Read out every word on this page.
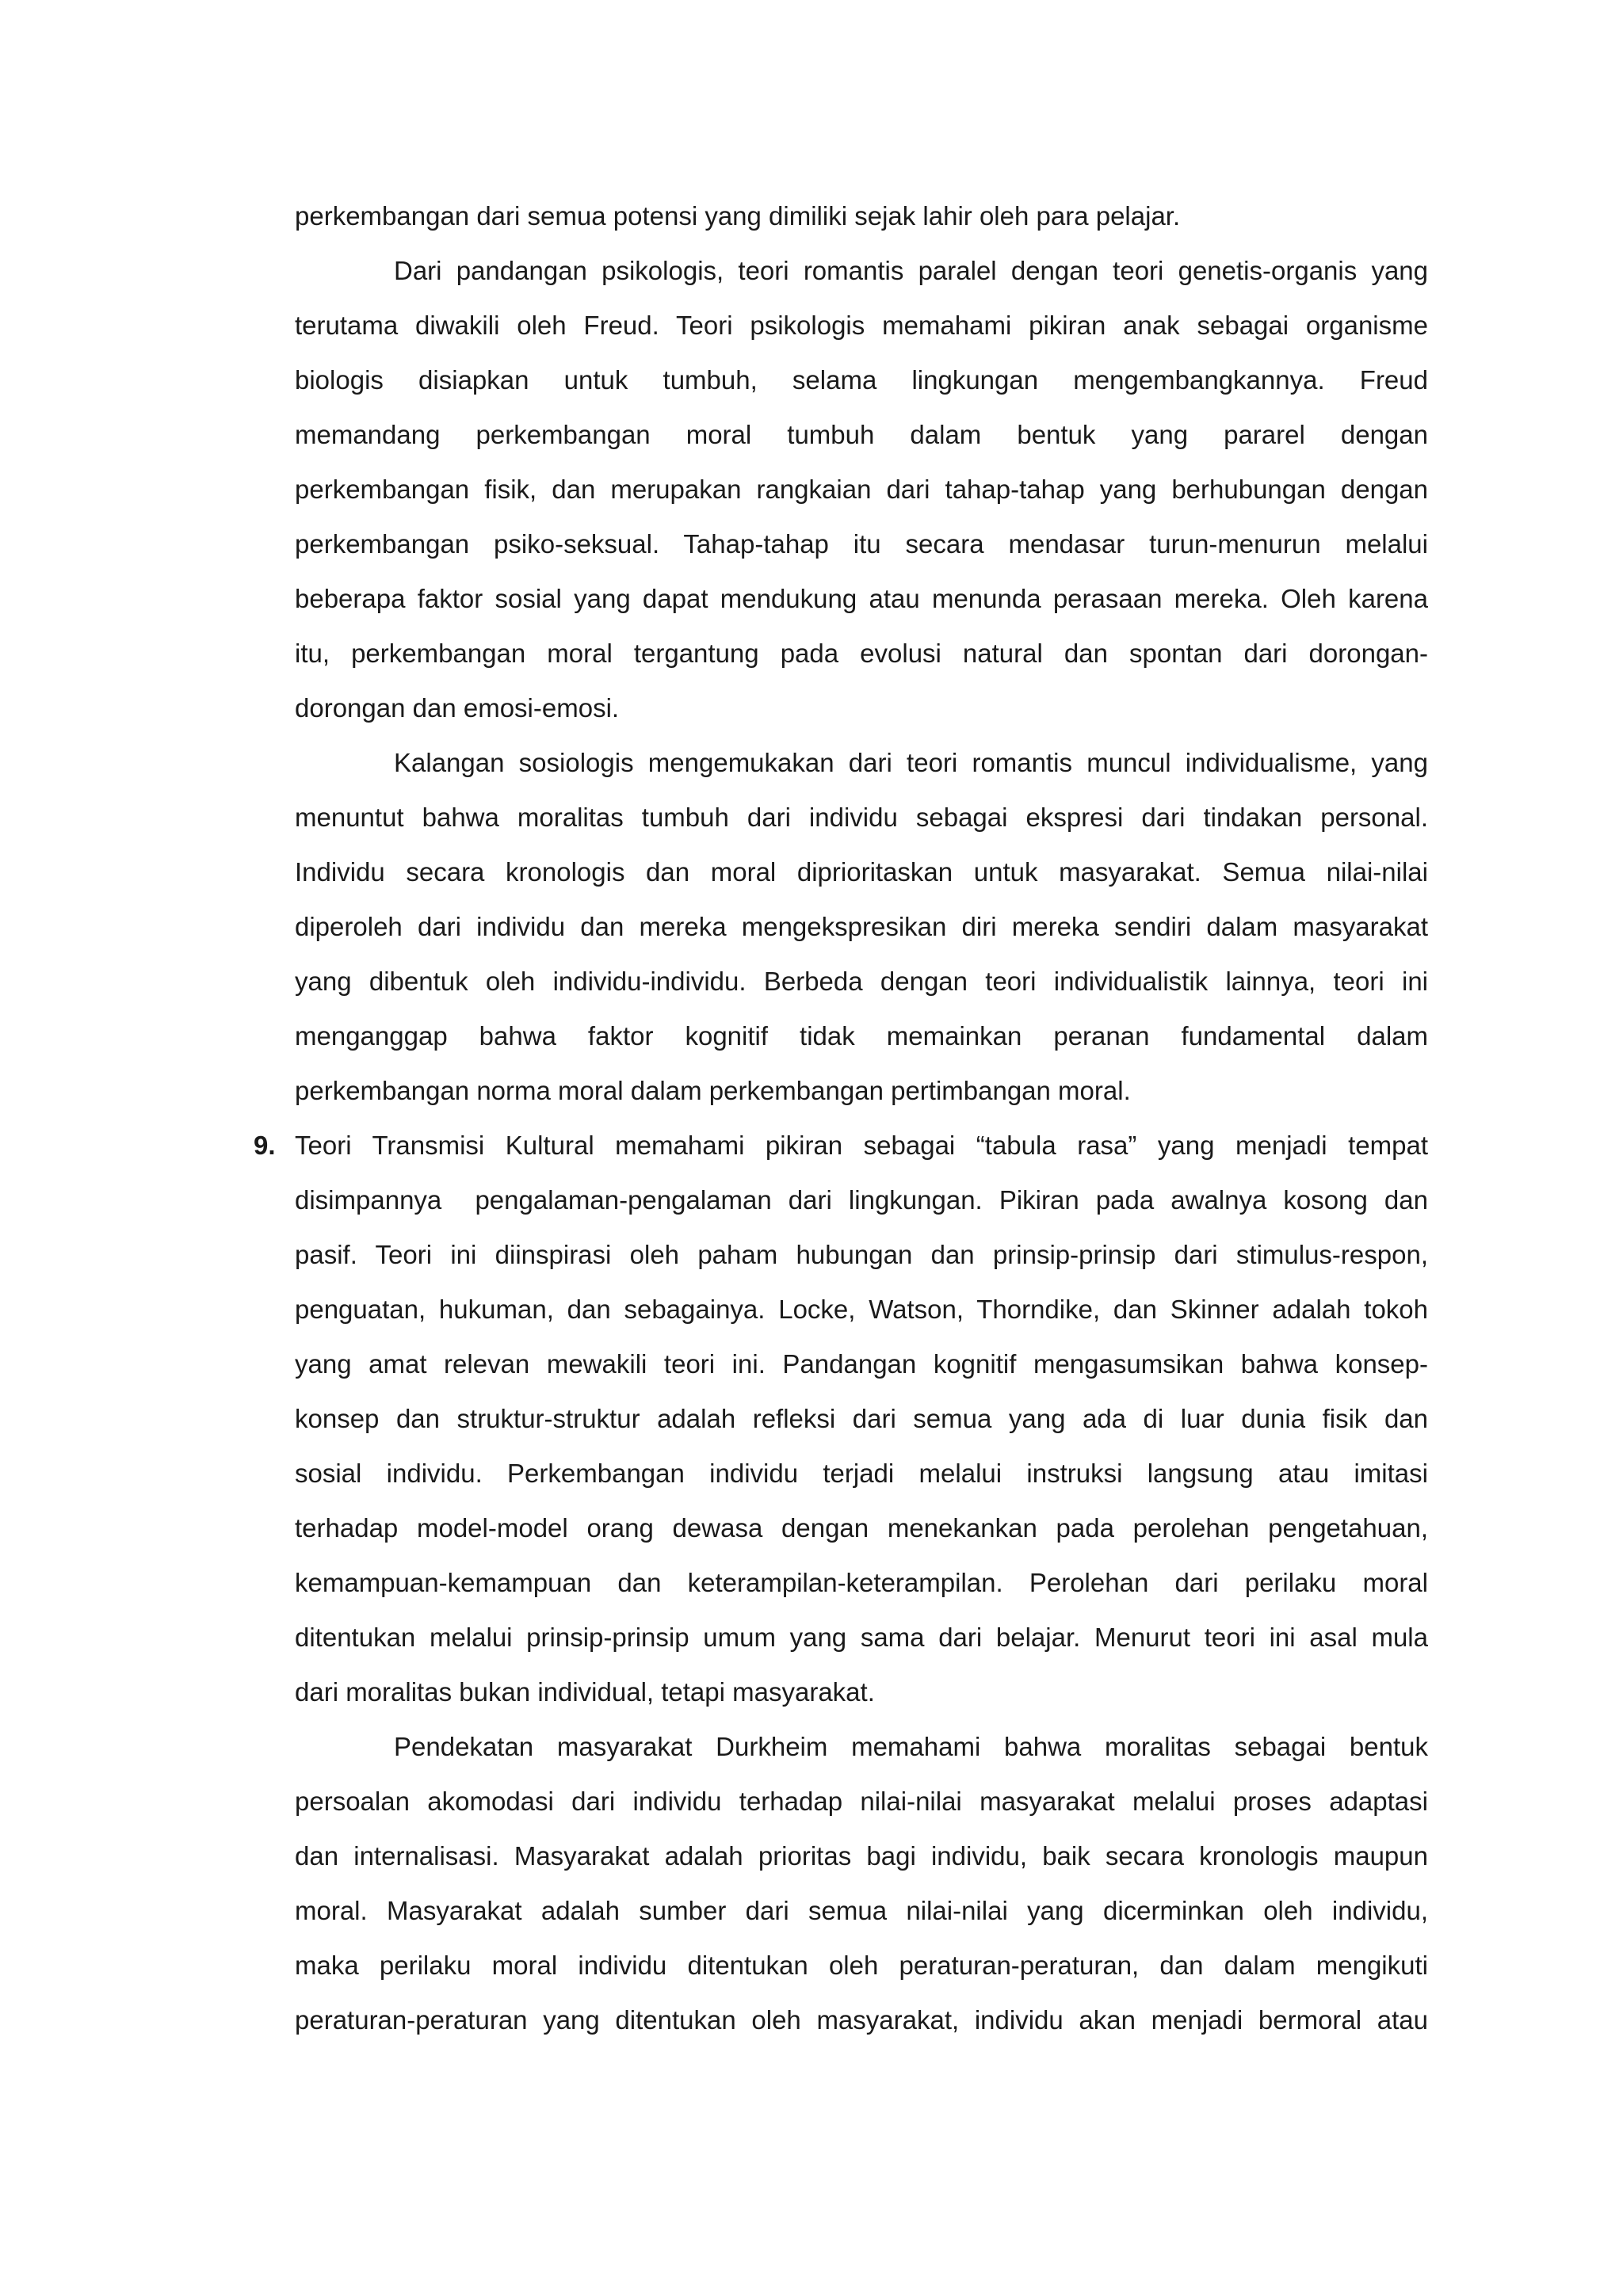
perkembangan dari semua potensi yang dimiliki sejak lahir oleh para pelajar.

Dari pandangan psikologis, teori romantis paralel dengan teori genetis-organis yang

terutama diwakili oleh Freud. Teori psikologis memahami pikiran anak sebagai organisme

biologis disiapkan untuk tumbuh, selama lingkungan mengembangkannya. Freud

memandang perkembangan moral tumbuh dalam bentuk yang pararel dengan

perkembangan fisik, dan merupakan rangkaian dari tahap-tahap yang berhubungan dengan

perkembangan psiko-seksual. Tahap-tahap itu secara mendasar turun-menurun melalui

beberapa faktor sosial yang dapat mendukung atau menunda perasaan mereka. Oleh karena

itu, perkembangan moral tergantung pada evolusi natural dan spontan dari dorongan-

dorongan dan emosi-emosi.

Kalangan sosiologis mengemukakan dari teori romantis muncul individualisme, yang

menuntut bahwa moralitas tumbuh dari individu sebagai ekspresi dari tindakan personal.

Individu secara kronologis dan moral diprioritaskan untuk masyarakat. Semua nilai-nilai

diperoleh dari individu dan mereka mengekspresikan diri mereka sendiri dalam masyarakat

yang dibentuk oleh individu-individu. Berbeda dengan teori individualistik lainnya, teori ini

menganggap bahwa faktor kognitif tidak memainkan peranan fundamental dalam

perkembangan norma moral dalam perkembangan pertimbangan moral.

9. Teori Transmisi Kultural memahami pikiran sebagai “tabula rasa” yang menjadi tempat

disimpannya  pengalaman-pengalaman dari lingkungan. Pikiran pada awalnya kosong dan

pasif. Teori ini diinspirasi oleh paham hubungan dan prinsip-prinsip dari stimulus-respon,

penguatan, hukuman, dan sebagainya. Locke, Watson, Thorndike, dan Skinner adalah tokoh

yang amat relevan mewakili teori ini. Pandangan kognitif mengasumsikan bahwa konsep-

konsep dan struktur-struktur adalah refleksi dari semua yang ada di luar dunia fisik dan

sosial individu. Perkembangan individu terjadi melalui instruksi langsung atau imitasi

terhadap model-model orang dewasa dengan menekankan pada perolehan pengetahuan,

kemampuan-kemampuan dan keterampilan-keterampilan. Perolehan dari perilaku moral

ditentukan melalui prinsip-prinsip umum yang sama dari belajar. Menurut teori ini asal mula

dari moralitas bukan individual, tetapi masyarakat.

Pendekatan masyarakat Durkheim memahami bahwa moralitas sebagai bentuk

persoalan akomodasi dari individu terhadap nilai-nilai masyarakat melalui proses adaptasi

dan internalisasi. Masyarakat adalah prioritas bagi individu, baik secara kronologis maupun

moral. Masyarakat adalah sumber dari semua nilai-nilai yang dicerminkan oleh individu,

maka perilaku moral individu ditentukan oleh peraturan-peraturan, dan dalam mengikuti

peraturan-peraturan yang ditentukan oleh masyarakat, individu akan menjadi bermoral atau
